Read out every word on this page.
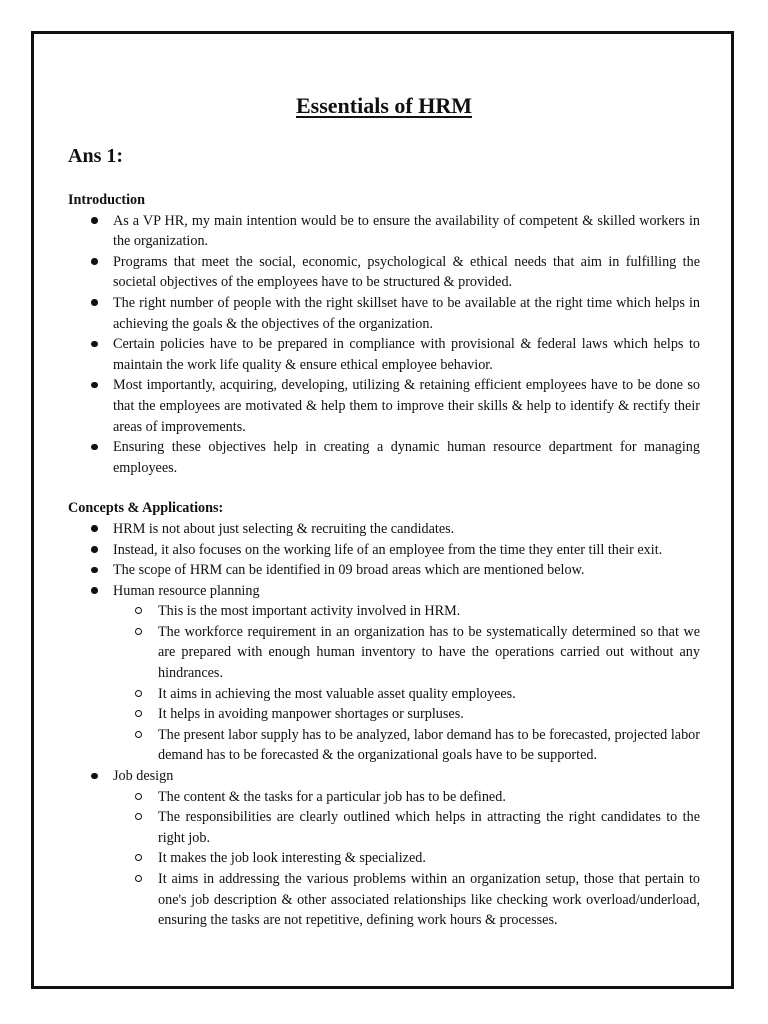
Essentials of HRM
Ans 1:

Introduction

As a VP HR, my main intention would be to ensure the availability of competent & skilled workers in the organization.
Programs that meet the social, economic, psychological & ethical needs that aim in fulfilling the societal objectives of the employees have to be structured & provided.
The right number of people with the right skillset have to be available at the right time which helps in achieving the goals & the objectives of the organization.
Certain policies have to be prepared in compliance with provisional & federal laws which helps to maintain the work life quality & ensure ethical employee behavior.
Most importantly, acquiring, developing, utilizing & retaining efficient employees have to be done so that the employees are motivated & help them to improve their skills & help to identify & rectify their areas of improvements.
Ensuring these objectives help in creating a dynamic human resource department for managing employees.

Concepts & Applications:

HRM is not about just selecting & recruiting the candidates.
Instead, it also focuses on the working life of an employee from the time they enter till their exit.
The scope of HRM can be identified in 09 broad areas which are mentioned below.
Human resource planning
This is the most important activity involved in HRM.
The workforce requirement in an organization has to be systematically determined so that we are prepared with enough human inventory to have the operations carried out without any hindrances.
It aims in achieving the most valuable asset quality employees.
It helps in avoiding manpower shortages or surpluses.
The present labor supply has to be analyzed, labor demand has to be forecasted, projected labor demand has to be forecasted & the organizational goals have to be supported.
Job design
The content & the tasks for a particular job has to be defined.
The responsibilities are clearly outlined which helps in attracting the right candidates to the right job.
It makes the job look interesting & specialized.
It aims in addressing the various problems within an organization setup, those that pertain to one's job description & other associated relationships like checking work overload/underload, ensuring the tasks are not repetitive, defining work hours & processes.
